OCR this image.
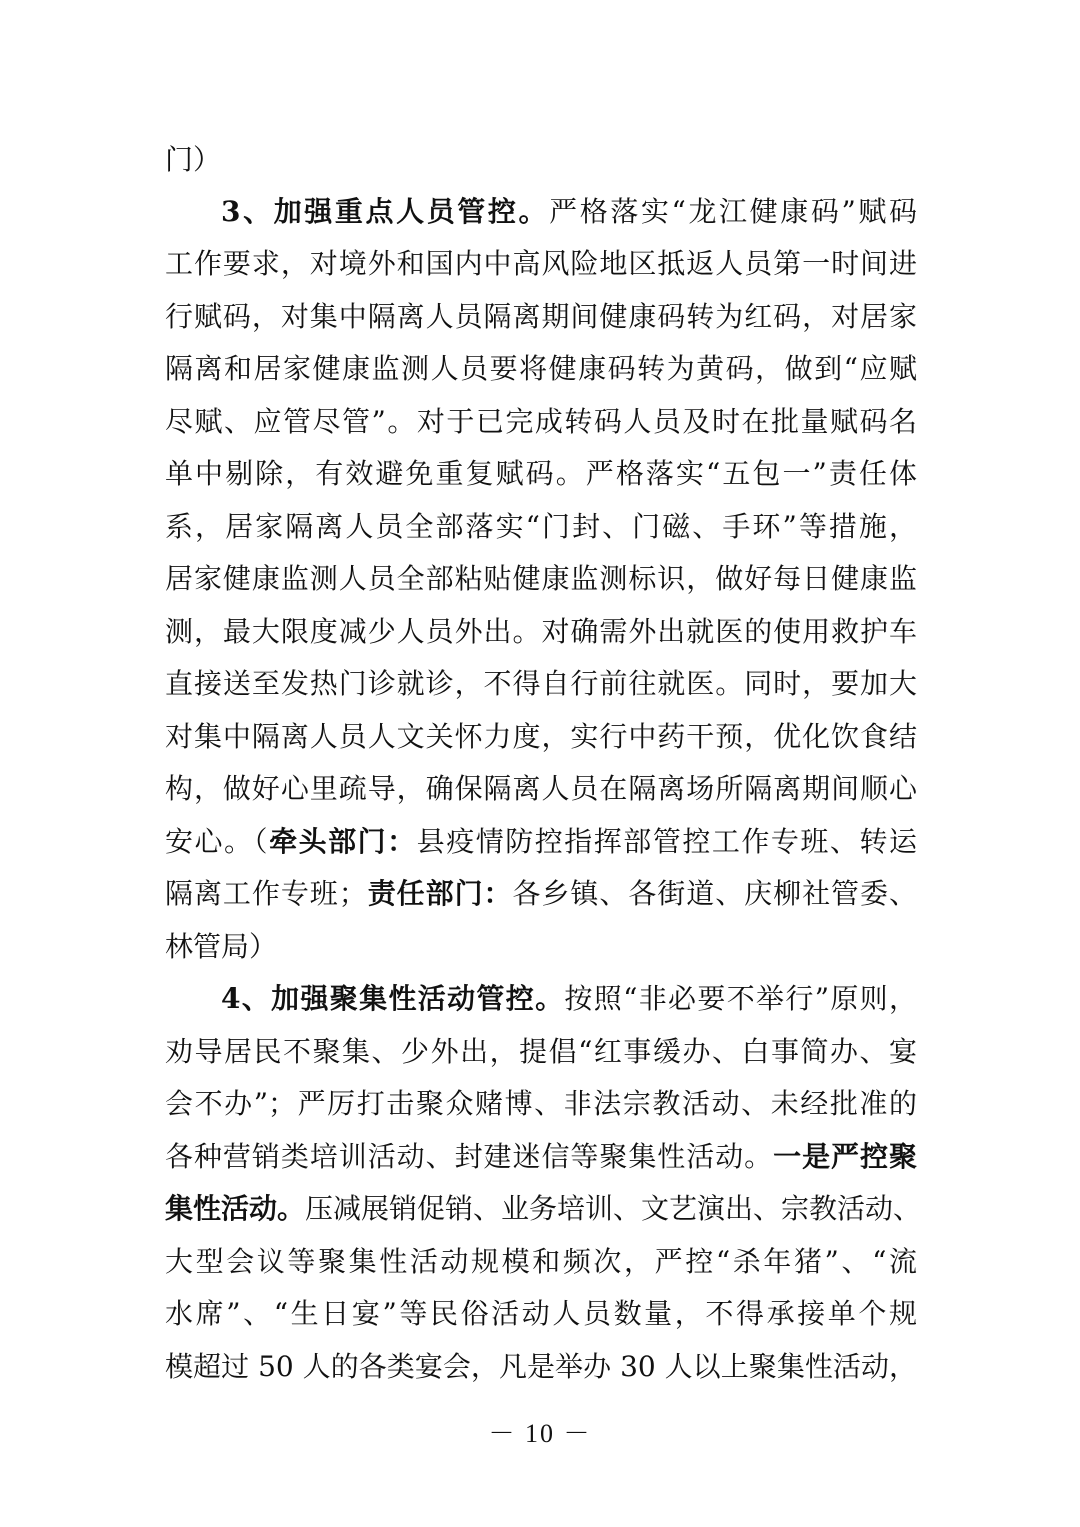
门）
3、加强重点人员管控。严格落实“龙江健康码”赋码
工作要求，对境外和国内中高风险地区抵返人员第一时间进
行赋码，对集中隔离人员隔离期间健康码转为红码，对居家
隔离和居家健康监测人员要将健康码转为黄码，做到“应赋
尽赋、应管尽管”。对于已完成转码人员及时在批量赋码名
单中剔除，有效避免重复赋码。严格落实“五包一”责任体
系，居家隔离人员全部落实“门封、门磁、手环”等措施，
居家健康监测人员全部粘贴健康监测标识，做好每日健康监
测，最大限度减少人员外出。对确需外出就医的使用救护车
直接送至发热门诊就诊，不得自行前往就医。同时，要加大
对集中隔离人员人文关怀力度，实行中药干预，优化饮食结
构，做好心里疏导，确保隔离人员在隔离场所隔离期间顺心
安心。（牵头部门：县疫情防控指挥部管控工作专班、转运
隔离工作专班；责任部门：各乡镇、各街道、庆柳社管委、
林管局）
4、加强聚集性活动管控。按照“非必要不举行”原则，
劝导居民不聚集、少外出，提倡“红事缓办、白事简办、宴
会不办”；严厉打击聚众赌博、非法宗教活动、未经批准的
各种营销类培训活动、封建迷信等聚集性活动。一是严控聚
集性活动。压减展销促销、业务培训、文艺演出、宗教活动、
大型会议等聚集性活动规模和频次，严控“杀年猪”、“流
水席”、“生日宴”等民俗活动人员数量，不得承接单个规
模超过 50 人的各类宴会，凡是举办 30 人以上聚集性活动，
－ 10 －
